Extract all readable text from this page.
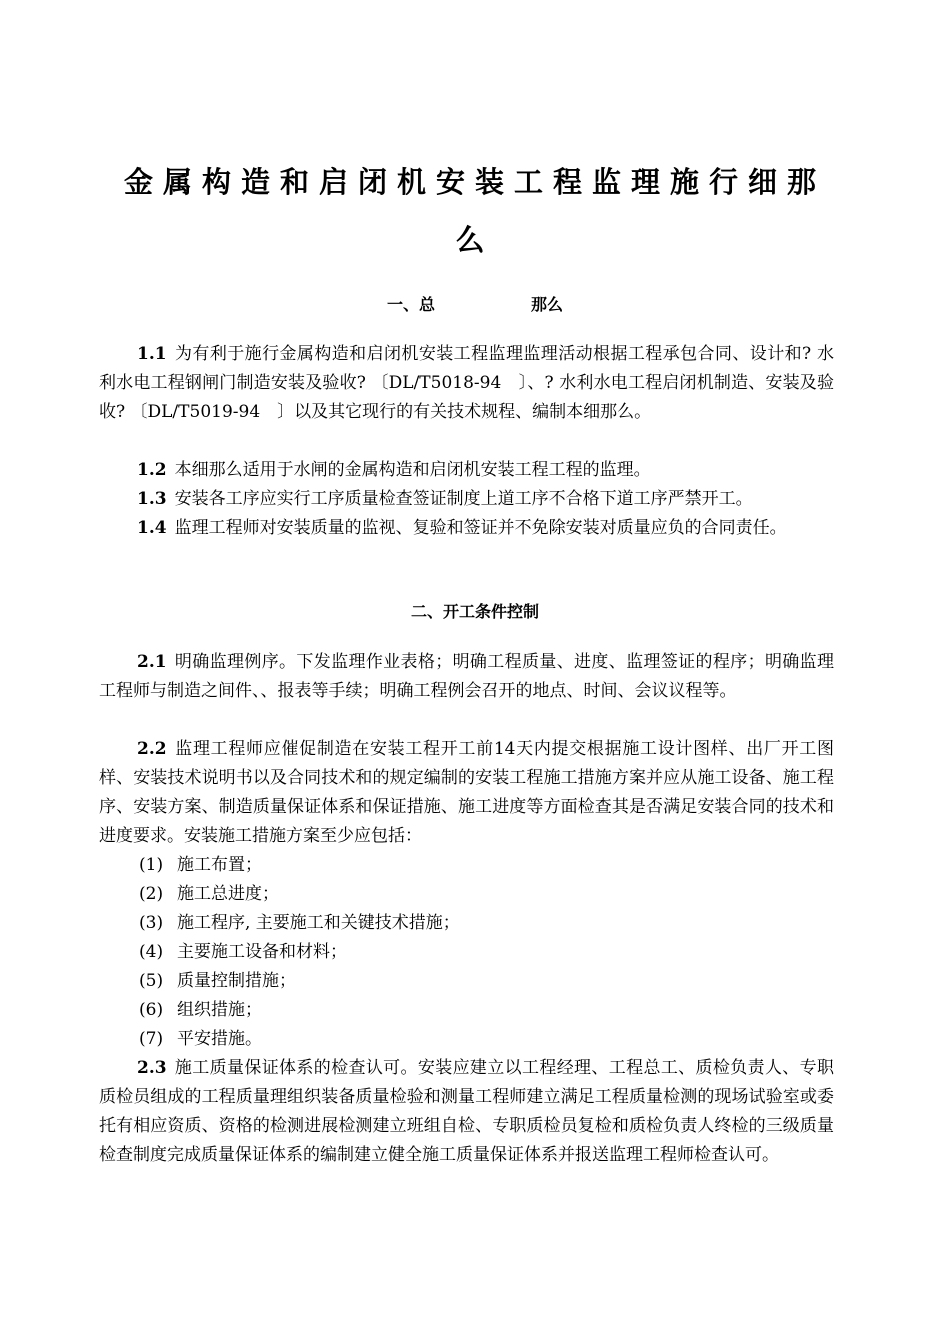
金属构造和启闭机安装工程监理施行细那
么
一、总　　　　　　那么

1.1 为有利于施行金属构造和启闭机安装工程监理监理活动根据工程承包合同、设计和? 水利水电工程钢闸门制造安装及验收? 〔DL/T5018-94　〕、? 水利水电工程启闭机制造、安装及验收? 〔DL/T5019-94　〕以及其它现行的有关技术规程、编制本细那么。

1.2 本细那么适用于水闸的金属构造和启闭机安装工程工程的监理。

1.3 安装各工序应实行工序质量检查签证制度上道工序不合格下道工序严禁开工。

1.4 监理工程师对安装质量的监视、复验和签证并不免除安装对质量应负的合同责任。

二、开工条件控制

2.1 明确监理例序。下发监理作业表格；明确工程质量、进度、监理签证的程序；明确监理工程师与制造之间件、、报表等手续；明确工程例会召开的地点、时间、会议议程等。

2.2 监理工程师应催促制造在安装工程开工前14天内提交根据施工设计图样、出厂开工图样、安装技术说明书以及合同技术和的规定编制的安装工程施工措施方案并应从施工设备、施工程序、安装方案、制造质量保证体系和保证措施、施工进度等方面检查其是否满足安装合同的技术和进度要求。安装施工措施方案至少应包括：

(1) 施工布置；
(2) 施工总进度；
(3) 施工程序, 主要施工和关键技术措施；
(4) 主要施工设备和材料；
(5) 质量控制措施；
(6) 组织措施；
(7) 平安措施。

2.3 施工质量保证体系的检查认可。安装应建立以工程经理、工程总工、质检负责人、专职质检员组成的工程质量理组织装备质量检验和测量工程师建立满足工程质量检测的现场试验室或委托有相应资质、资格的检测进展检测建立班组自检、专职质检员复检和质检负责人终检的三级质量检查制度完成质量保证体系的编制建立健全施工质量保证体系并报送监理工程师检查认可。
